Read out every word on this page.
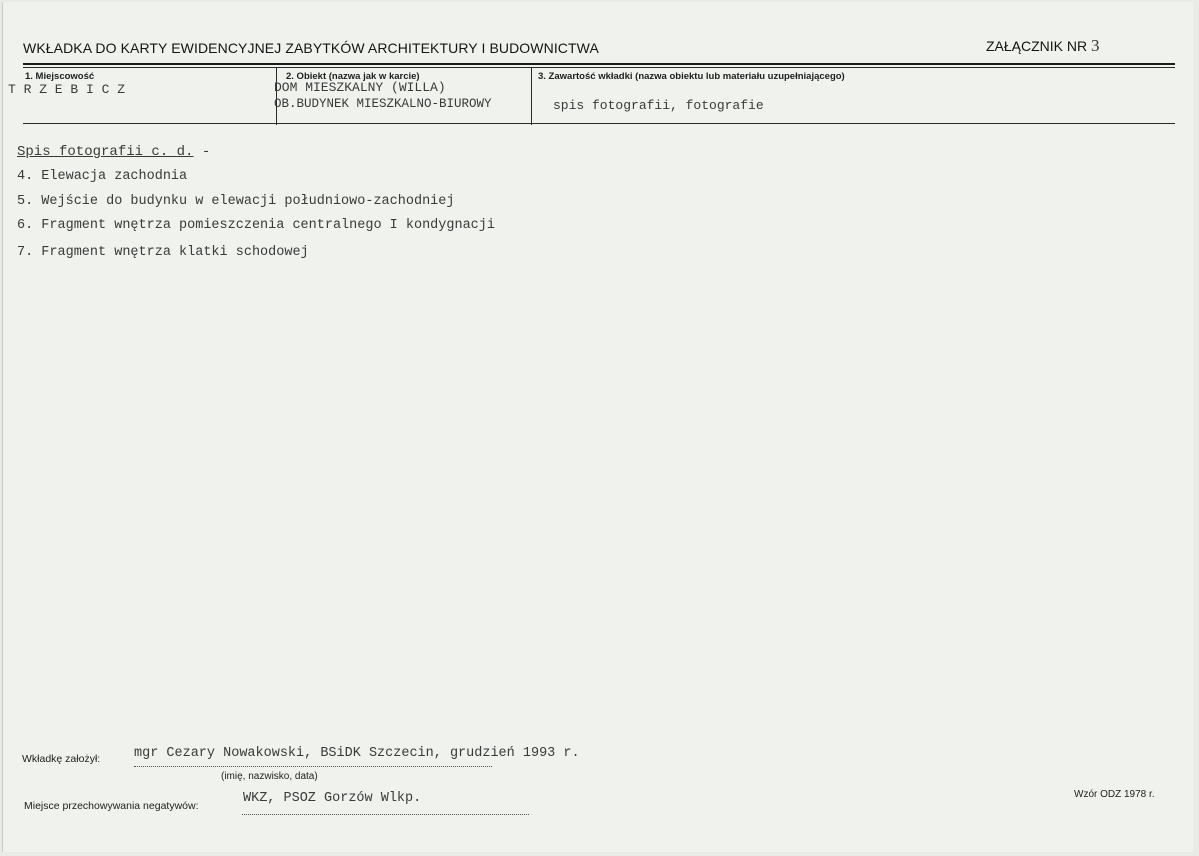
WKŁADKA DO KARTY EWIDENCYJNEJ ZABYTKÓW ARCHITEKTURY I BUDOWNICTWA	ZAŁĄCZNIK NR 3
1. Miejscowość
T R Z E B I C Z
2. Obiekt (nazwa jak w karcie)
DOM MIESZKALNY (WILLA)
OB.BUDYNEK MIESZKALNO-BIUROWY
3. Zawartość wkładki (nazwa obiektu lub materiału uzupełniającego)
spis fotografii, fotografie
Spis fotografii c. d. -
4. Elewacja zachodnia
5. Wejście do budynku w elewacji południowo-zachodniej
6. Fragment wnętrza pomieszczenia centralnego I kondygnacji
7. Fragment wnętrza klatki schodowej
Wkładkę założył:	mgr Cezary Nowakowski, BSiDK Szczecin, grudzień 1993 r.
(imię, nazwisko, data)
Miejsce przechowywania negatywów:	WKZ, PSOZ Gorzów Wlkp.	Wzór ODZ 1978 r.
